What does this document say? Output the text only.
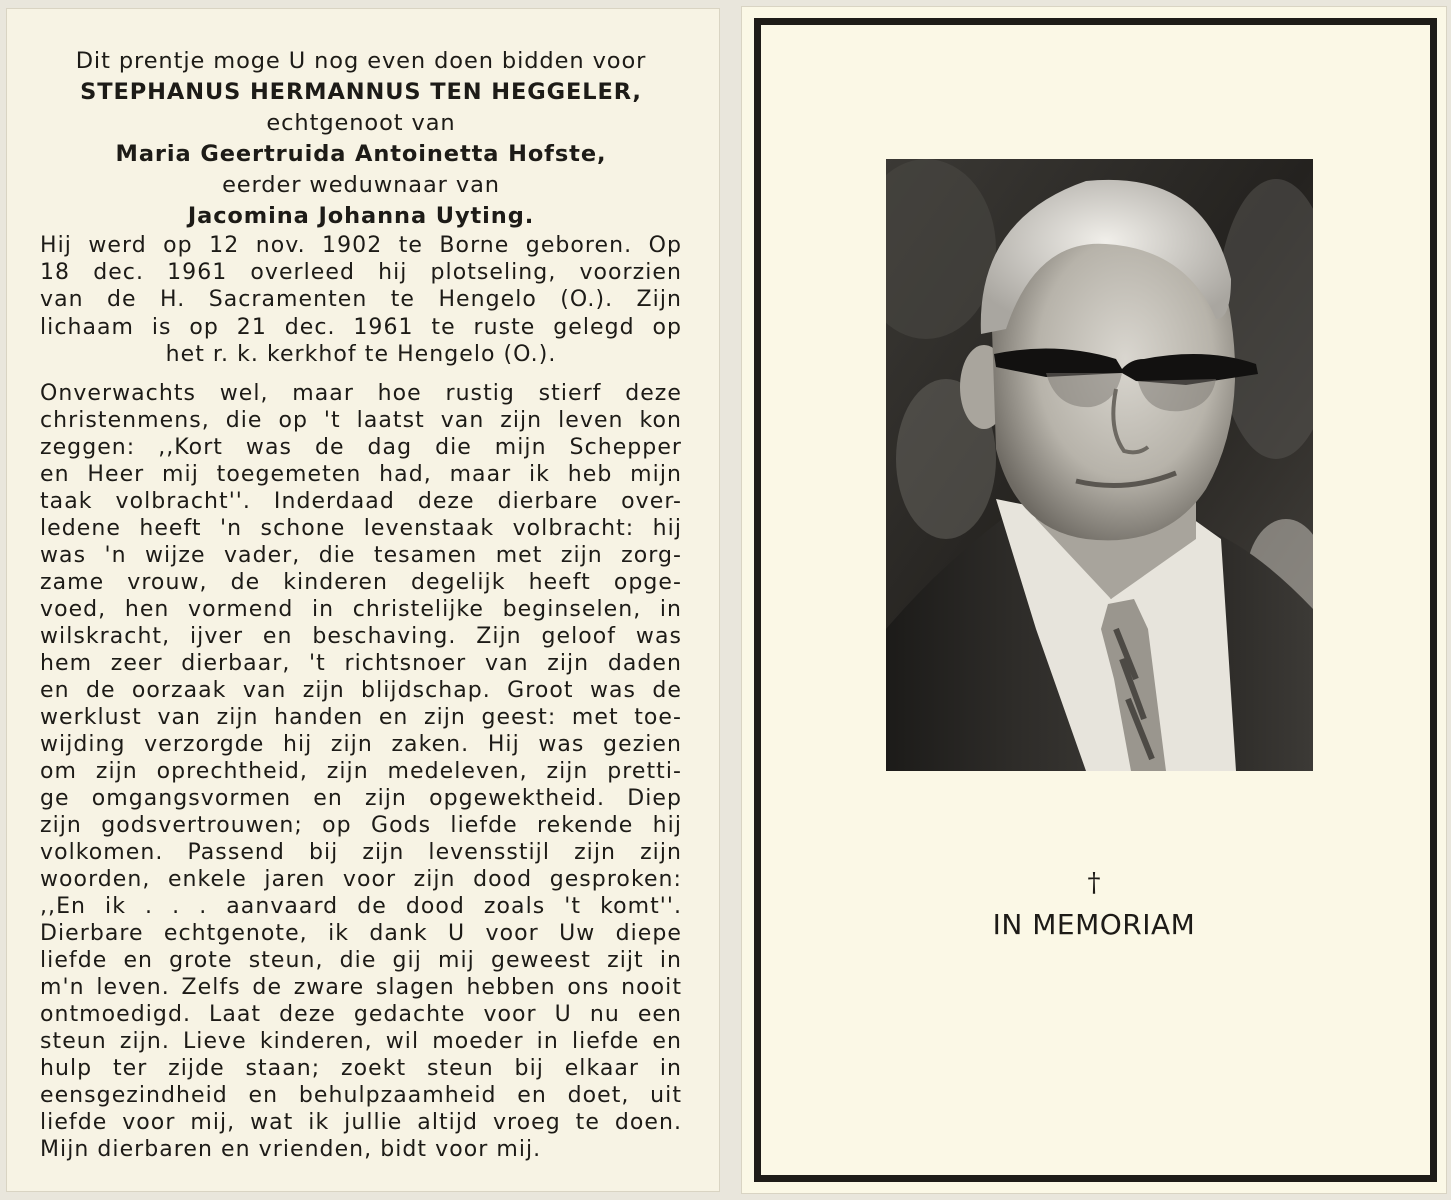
Dit prentje moge U nog even doen bidden voor

STEPHANUS HERMANNUS TEN HEGGELER,

echtgenoot van

Maria Geertruida Antoinetta Hofste,

eerder weduwnaar van

Jacomina Johanna Uyting.

Hij werd op 12 nov. 1902 te Borne geboren. Op

18 dec. 1961 overleed hij plotseling, voorzien

van de H. Sacramenten te Hengelo (O.). Zijn

lichaam is op 21 dec. 1961 te ruste gelegd op

het r. k. kerkhof te Hengelo (O.).

Onverwachts wel, maar hoe rustig stierf deze

christenmens, die op 't laatst van zijn leven kon

zeggen: ,,Kort was de dag die mijn Schepper

en Heer mij toegemeten had, maar ik heb mijn

taak volbracht''. Inderdaad deze dierbare over-

ledene heeft 'n schone levenstaak volbracht: hij

was 'n wijze vader, die tesamen met zijn zorg-

zame vrouw, de kinderen degelijk heeft opge-

voed, hen vormend in christelijke beginselen, in

wilskracht, ijver en beschaving. Zijn geloof was

hem zeer dierbaar, 't richtsnoer van zijn daden

en de oorzaak van zijn blijdschap. Groot was de

werklust van zijn handen en zijn geest: met toe-

wijding verzorgde hij zijn zaken. Hij was gezien

om zijn oprechtheid, zijn medeleven, zijn pretti-

ge omgangsvormen en zijn opgewektheid. Diep

zijn godsvertrouwen; op Gods liefde rekende hij

volkomen. Passend bij zijn levensstijl zijn zijn

woorden, enkele jaren voor zijn dood gesproken:

,,En ik . . . aanvaard de dood zoals 't komt''.

Dierbare echtgenote, ik dank U voor Uw diepe

liefde en grote steun, die gij mij geweest zijt in

m'n leven. Zelfs de zware slagen hebben ons nooit

ontmoedigd. Laat deze gedachte voor U nu een

steun zijn. Lieve kinderen, wil moeder in liefde en

hulp ter zijde staan; zoekt steun bij elkaar in

eensgezindheid en behulpzaamheid en doet, uit

liefde voor mij, wat ik jullie altijd vroeg te doen.

Mijn dierbaren en vrienden, bidt voor mij.

†
IN MEMORIAM
